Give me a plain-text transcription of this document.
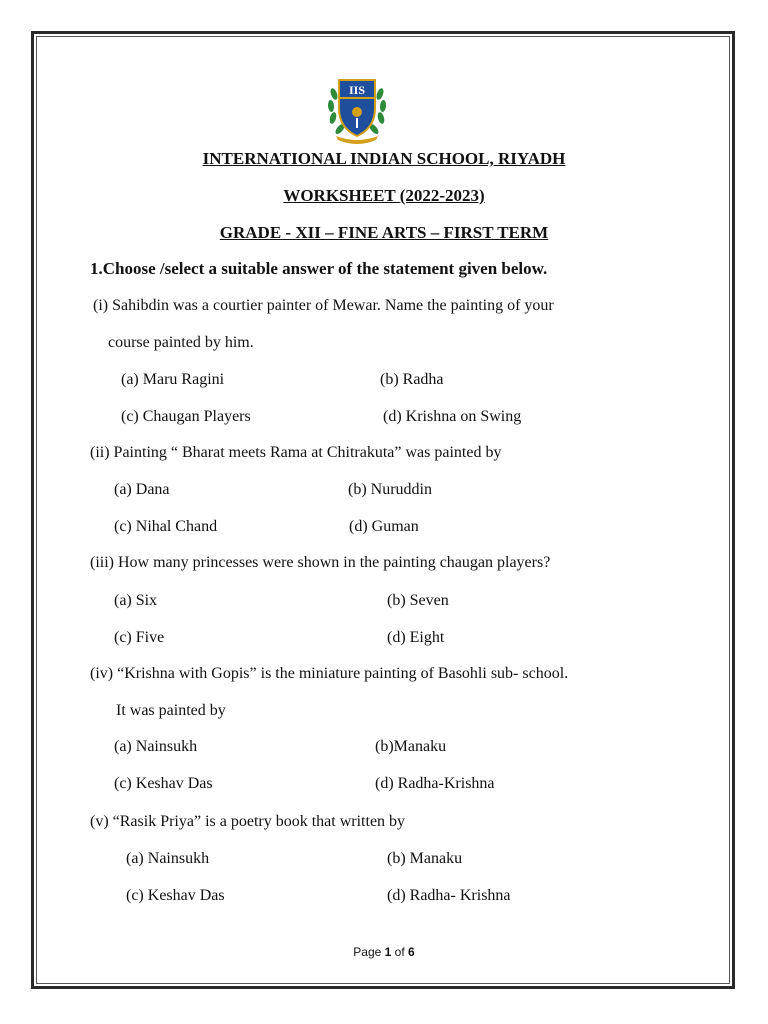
IIS
INTERNATIONAL INDIAN SCHOOL, RIYADH
WORKSHEET (2022-2023)
GRADE - XII – FINE ARTS – FIRST TERM
1.Choose /select a suitable answer of the statement given below.
(i) Sahibdin was a courtier painter of Mewar. Name the painting of your
course painted by him.
(a) Maru Ragini	(b) Radha
(c) Chaugan Players	(d) Krishna on Swing
(ii) Painting “ Bharat meets Rama at Chitrakuta” was painted by
(a) Dana	(b) Nuruddin
(c) Nihal Chand	(d) Guman
(iii) How many princesses were shown in the painting chaugan players?
(a) Six	(b) Seven
(c) Five	(d) Eight
(iv) “Krishna with Gopis” is the miniature painting of Basohli sub- school.
It was painted by
(a) Nainsukh	(b)Manaku
(c) Keshav Das	(d) Radha-Krishna
(v) “Rasik Priya” is a poetry book that written by
(a) Nainsukh	(b) Manaku
(c) Keshav Das	(d) Radha- Krishna
Page 1 of 6
